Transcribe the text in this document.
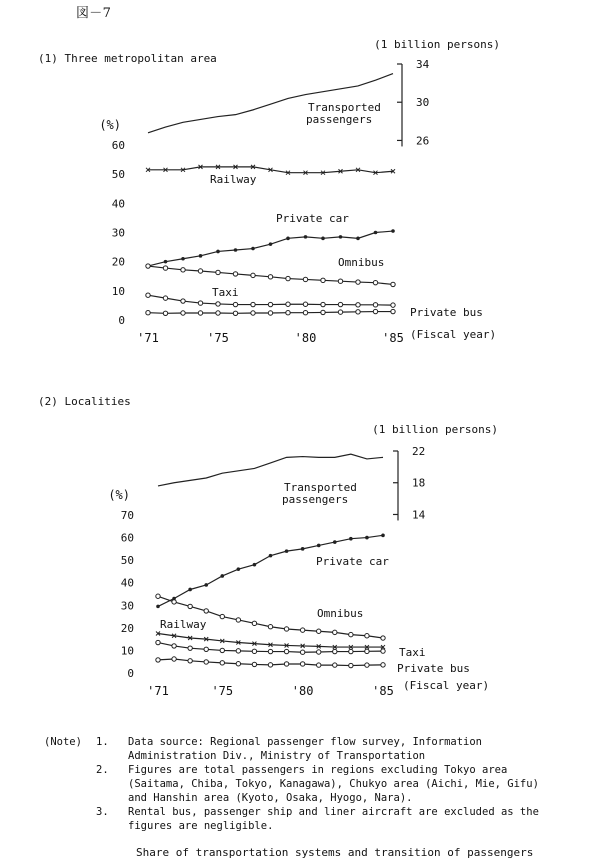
図－7
(1) Three metropolitan area
0
10
20
30
40
50
60
(%)
'71	'75	'80	'85 (Fiscal year)
Railway
Private car
Omnibus
Taxi
Private bus
26
30
34
(1 billion persons)
Transported
passengers
(2) Localities
0
10
20
30
40
50
60
70
(%)
'71	'75	'80	'85 (Fiscal year)
Private car
Omnibus
Railway
Taxi
Private bus
14
18
22
(1 billion persons)
Transported
passengers
(Note)	1.	Data source: Regional passenger flow survey, Information Administration Div., Ministry of Transportation
2.	Figures are total passengers in regions excluding Tokyo area (Saitama, Chiba, Tokyo, Kanagawa), Chukyo area (Aichi, Mie, Gifu) and Hanshin area (Kyoto, Osaka, Hyogo, Nara).
3.	Rental bus, passenger ship and liner aircraft are excluded as the figures are negligible.
Share of transportation systems and transition of passengers
